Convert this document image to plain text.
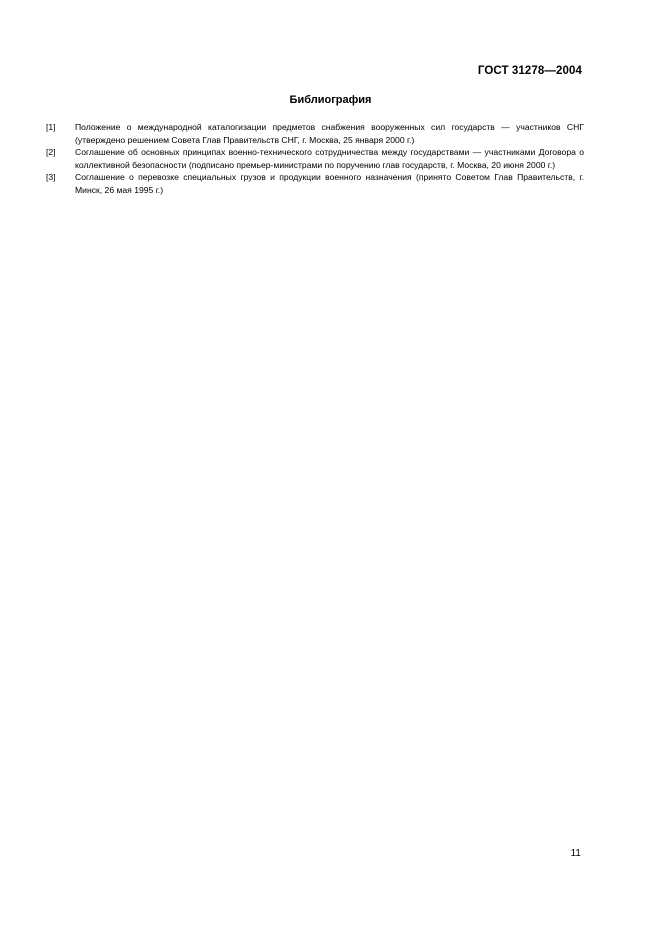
ГОСТ 31278—2004
Библиография
[1]	Положение о международной каталогизации предметов снабжения вооруженных сил государств — участников СНГ (утверждено решением Совета Глав Правительств СНГ, г. Москва, 25 января 2000 г.)
[2]	Соглашение об основных принципах военно-технического сотрудничества между государствами — участниками Договора о коллективной безопасности (подписано премьер-министрами по поручению глав государств, г. Москва, 20 июня 2000 г.)
[3]	Соглашение о перевозке специальных грузов и продукции военного назначения (принято Советом Глав Правительств, г. Минск, 26 мая 1995 г.)
11
